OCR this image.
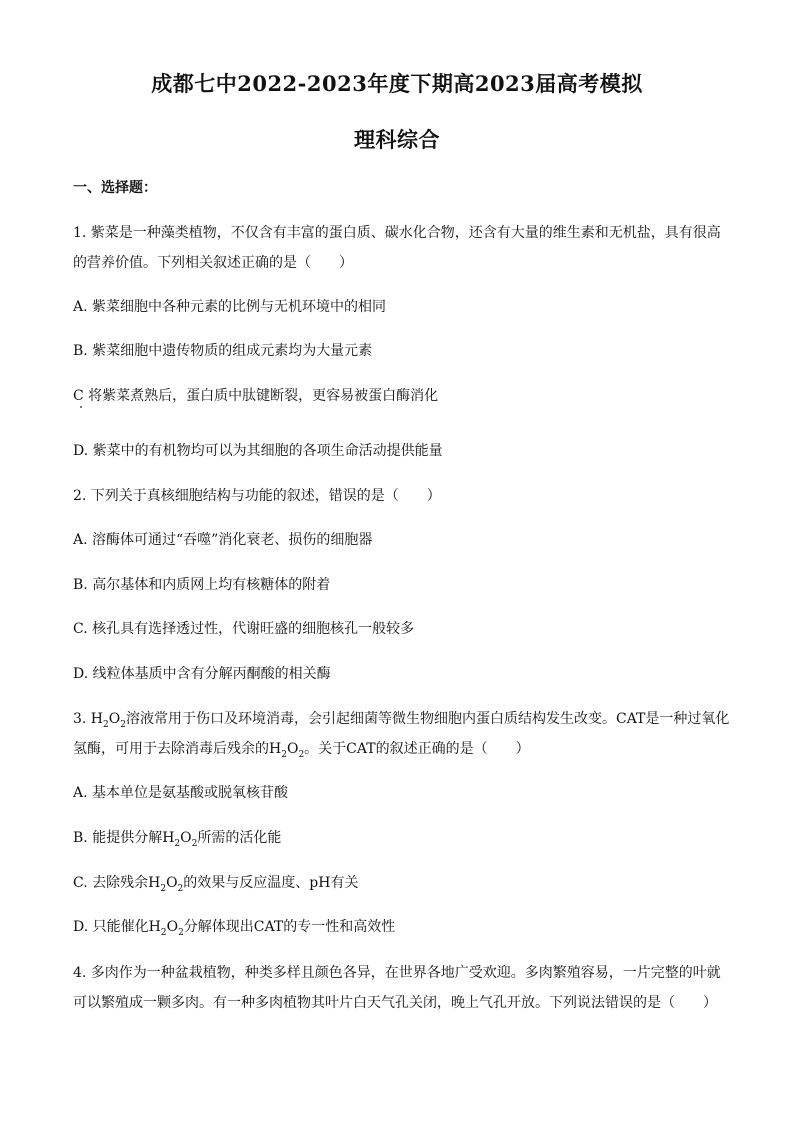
成都七中2022-2023年度下期高2023届高考模拟
理科综合
一、选择题：
1. 紫菜是一种藻类植物，不仅含有丰富的蛋白质、碳水化合物，还含有大量的维生素和无机盐，具有很高的营养价值。下列相关叙述正确的是（　　）
A. 紫菜细胞中各种元素的比例与无机环境中的相同
B. 紫菜细胞中遗传物质的组成元素均为大量元素
C 将紫菜煮熟后，蛋白质中肽键断裂，更容易被蛋白酶消化
D. 紫菜中的有机物均可以为其细胞的各项生命活动提供能量
2. 下列关于真核细胞结构与功能的叙述，错误的是（　　）
A. 溶酶体可通过“吞噬”消化衰老、损伤的细胞器
B. 高尔基体和内质网上均有核糖体的附着
C. 核孔具有选择透过性，代谢旺盛的细胞核孔一般较多
D. 线粒体基质中含有分解丙酮酸的相关酶
3. $H_2O_2$溶液常用于伤口及环境消毒，会引起细菌等微生物细胞内蛋白质结构发生改变。CAT是一种过氧化氢酶，可用于去除消毒后残余的$H_2O_2$。关于CAT的叙述正确的是（　　）
A. 基本单位是氨基酸或脱氧核苷酸
B. 能提供分解$H_2O_2$所需的活化能
C. 去除残余$H_2O_2$的效果与反应温度、pH有关
D. 只能催化$H_2O_2$分解体现出CAT的专一性和高效性
4. 多肉作为一种盆栽植物，种类多样且颜色各异，在世界各地广受欢迎。多肉繁殖容易，一片完整的叶就可以繁殖成一颗多肉。有一种多肉植物其叶片白天气孔关闭，晚上气孔开放。下列说法错误的是（　　）
